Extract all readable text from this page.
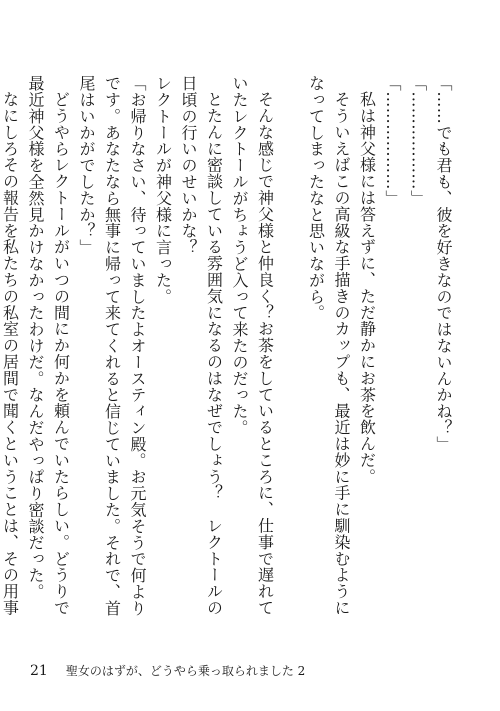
「……でも君も、彼を好きなのではないんかね？」

「………………」

「………………」

私は神父様には答えずに、ただ静かにお茶を飲んだ。

そういえばこの高級な手描きのカップも、最近は妙に手に馴染むようになってしまったなと思いながら。

そんな感じで神父様と仲良く？お茶をしているところに、仕事で遅れていたレクトールがちょうど入って来たのだった。

とたんに密談している雰囲気になるのはなぜでしょう？　レクトールの日頃の行いのせいかな？

レクトールが神父様に言った。

「お帰りなさい、待っていましたよオースティン殿。お元気そうで何よりです。あなたなら無事に帰って来てくれると信じていました。それで、首尾はいかがでしたか？」

どうやらレクトールがいつの間にか何かを頼んでいたらしい。どうりで最近神父様を全然見かけなかったわけだ。なんだやっぱり密談だった。

なにしろその報告を私たちの私室の居間で聞くということは、その用事

21 聖女のはずが、どうやら乗っ取られました 2
